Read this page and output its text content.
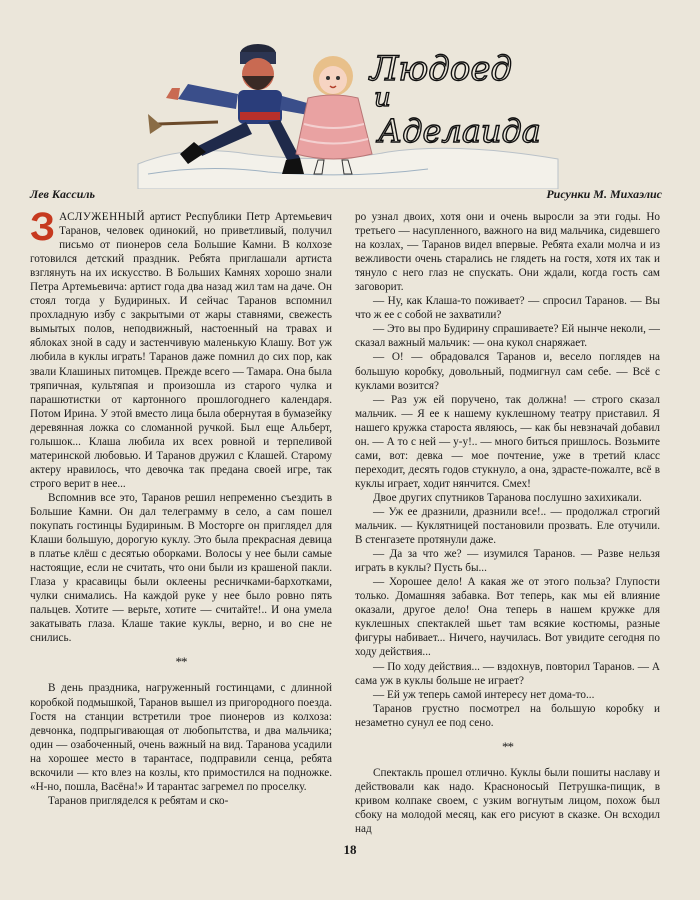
Людоед
и
Аделаида
Лев Кассиль	Рисунки М. Михаэлис

ЗАСЛУЖЕННЫЙ артист Республики Петр Артемьевич Таранов, человек одинокий, но приветливый, получил письмо от пионеров села Большие Камни. В колхозе готовился детский праздник. Ребята приглашали артиста взглянуть на их искусство. В Больших Камнях хорошо знали Петра Артемьевича: артист года два назад жил там на даче. Он стоял тогда у Будириных. И сейчас Таранов вспомнил прохладную избу с закрытыми от жары ставнями, свежесть вымытых полов, неподвижный, настоенный на травах и яблоках зной в саду и застенчивую маленькую Клашу. Вот уж любила в куклы играть! Таранов даже помнил до сих пор, как звали Клашиных питомцев. Прежде всего — Тамара. Она была тряпичная, культяпая и произошла из старого чулка и парашютистки от картонного прошлогоднего календаря. Потом Ирина. У этой вместо лица была обернутая в бумазейку деревянная ложка со сломанной ручкой. Был еще Альберт, голышок... Клаша любила их всех ровной и терпеливой материнской любовью. И Таранов дружил с Клашей. Старому актеру нравилось, что девочка так предана своей игре, так строго верит в нее...

Вспомнив все это, Таранов решил непременно съездить в Большие Камни. Он дал телеграмму в село, а сам пошел покупать гостинцы Будириным. В Мосторге он приглядел для Клаши большую, дорогую куклу. Это была прекрасная девица в платье клёш с десятью оборками. Волосы у нее были самые настоящие, если не считать, что они были из крашеной пакли. Глаза у красавицы были оклеены ресничками-бархотками, чулки снимались. На каждой руке у нее было ровно пять пальцев. Хотите — верьте, хотите — считайте!.. И она умела закатывать глаза. Клаше такие куклы, верно, и во сне не снились.

**

В день праздника, нагруженный гостинцами, с длинной коробкой подмышкой, Таранов вышел из пригородного поезда. Гостя на станции встретили трое пионеров из колхоза: девчонка, подпрыгивающая от любопытства, и два мальчика; один — озабоченный, очень важный на вид. Таранова усадили на хорошее место в тарантасе, подправили сенца, ребята вскочили — кто влез на козлы, кто примостился на подножке. «Н-но, пошла, Васёна!» И тарантас загремел по проселку.

Таранов пригляделся к ребятам и ско-

ро узнал двоих, хотя они и очень выросли за эти годы. Но третьего — насупленного, важного на вид мальчика, сидевшего на козлах, — Таранов видел впервые. Ребята ехали молча и из вежливости очень старались не глядеть на гостя, хотя их так и тянуло с него глаз не спускать. Они ждали, когда гость сам заговорит.

— Ну, как Клаша-то поживает? — спросил Таранов. — Вы что ж ее с собой не захватили?

— Это вы про Будирину спрашиваете? Ей нынче неколи, — сказал важный мальчик: — она кукол снаряжает.

— О! — обрадовался Таранов и, весело поглядев на большую коробку, довольный, подмигнул сам себе. — Всё с куклами возится?

— Раз уж ей поручено, так должна! — строго сказал мальчик. — Я ее к нашему куклешному театру приставил. Я нашего кружка староста являюсь, — как бы невзначай добавил он. — А то с ней — у-у!.. — много биться пришлось. Возьмите сами, вот: девка — мое почтение, уже в третий класс переходит, десять годов стукнуло, а она, здрасте-пожалте, всё в куклы играет, ходит нянчится. Смех!

Двое других спутников Таранова послушно захихикали.

— Уж ее дразнили, дразнили все!.. — продолжал строгий мальчик. — Куклятницей постановили прозвать. Еле отучили. В стенгазете протянули даже.

— Да за что же? — изумился Таранов. — Разве нельзя играть в куклы? Пусть бы...

— Хорошее дело! А какая же от этого польза? Глупости только. Домашняя забавка. Вот теперь, как мы ей влияние оказали, другое дело! Она теперь в нашем кружке для куклешных спектаклей шьет там всякие костюмы, разные фигуры набивает... Ничего, научилась. Вот увидите сегодня по ходу действия...

— По ходу действия... — вздохнув, повторил Таранов. — А сама уж в куклы больше не играет?

— Ей уж теперь самой интересу нет дома-то...

Таранов грустно посмотрел на большую коробку и незаметно сунул ее под сено.

**

Спектакль прошел отлично. Куклы были пошиты наславу и действовали как надо. Красноносый Петрушка-пищик, в кривом колпаке своем, с узким вогнутым лицом, похож был сбоку на молодой месяц, как его рисуют в сказке. Он всходил над

18
